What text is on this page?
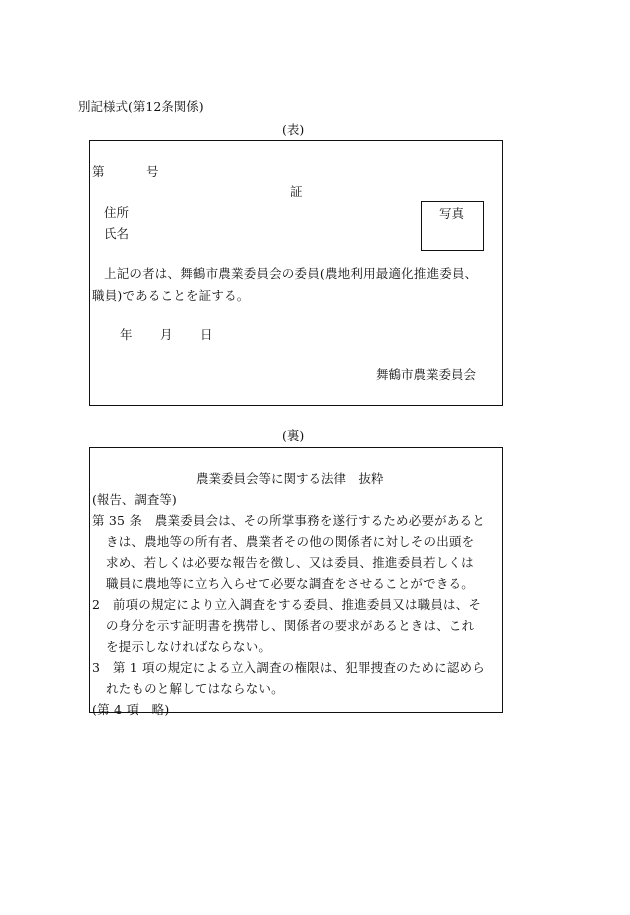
別記様式(第12条関係)
(表)
第	号
証
住所
氏名
写真
上記の者は、舞鶴市農業委員会の委員(農地利用最適化推進委員、
職員)であることを証する。
年 月 日
舞鶴市農業委員会
(裏)
農業委員会等に関する法律　抜粋
(報告、調査等)
第 35 条　農業委員会は、その所掌事務を遂行するため必要があると
きは、農地等の所有者、農業者その他の関係者に対しその出頭を
求め、若しくは必要な報告を徴し、又は委員、推進委員若しくは
職員に農地等に立ち入らせて必要な調査をさせることができる。
2　前項の規定により立入調査をする委員、推進委員又は職員は、そ
の身分を示す証明書を携帯し、関係者の要求があるときは、これ
を提示しなければならない。
3　第 1 項の規定による立入調査の権限は、犯罪捜査のために認めら
れたものと解してはならない。
(第 4 項　略)
